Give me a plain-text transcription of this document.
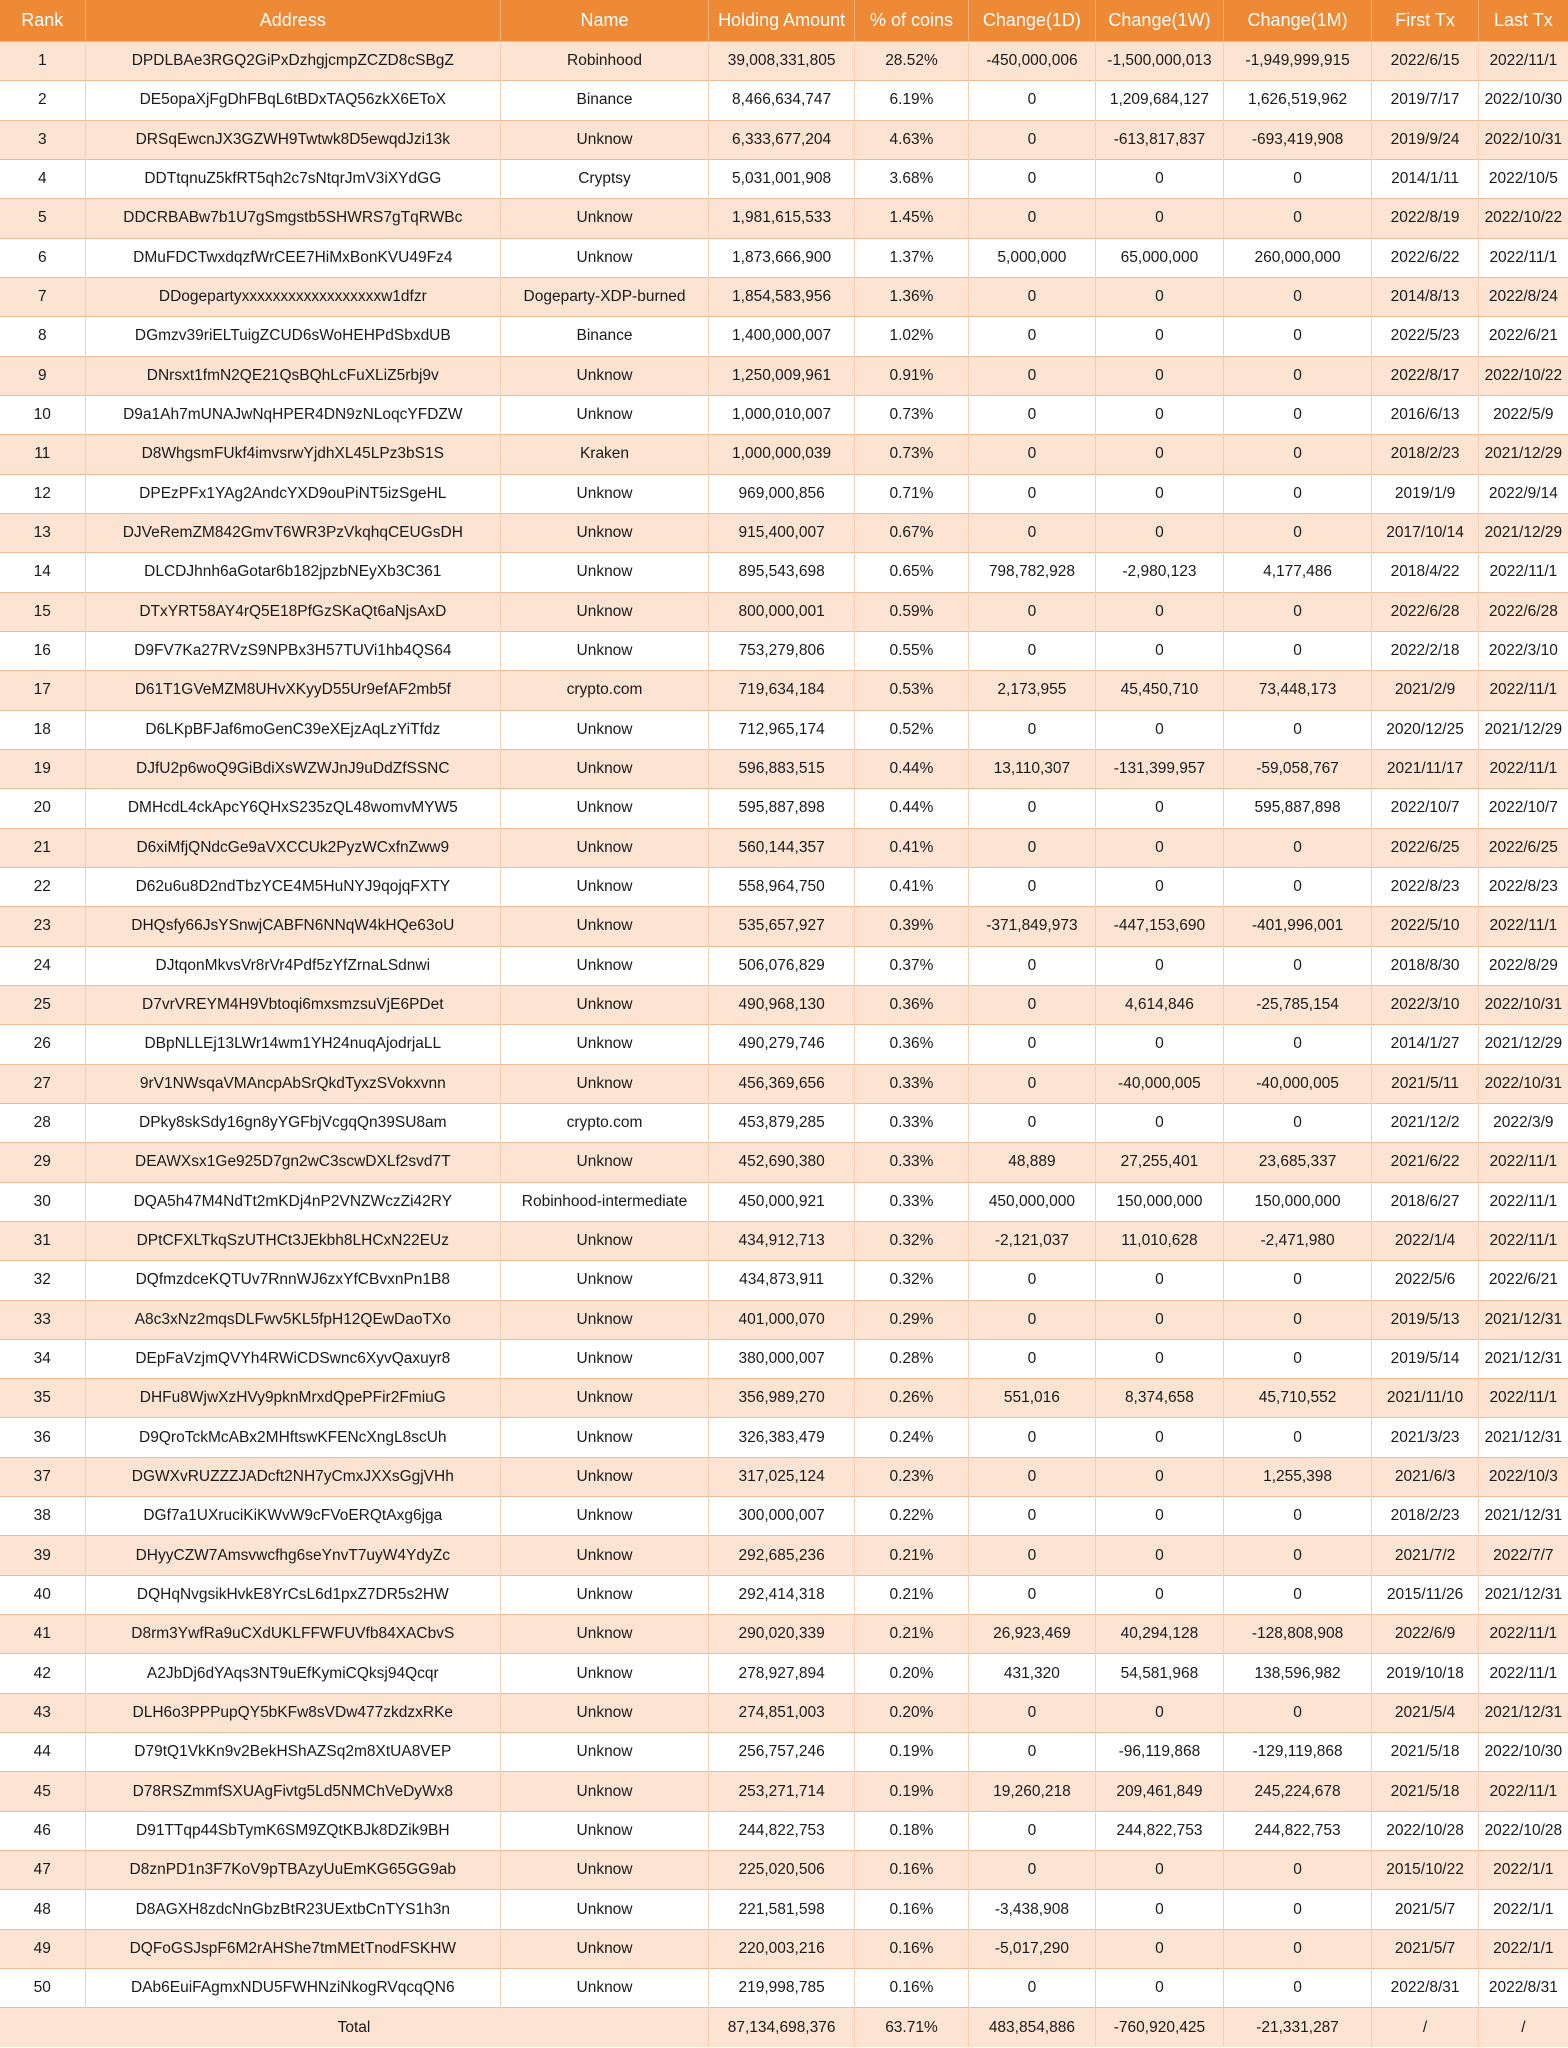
Rank	Address	Name	Holding Amount	% of coins	Change(1D)	Change(1W)	Change(1M)	First Tx	Last Tx
1	DPDLBAe3RGQ2GiPxDzhgjcmpZCZD8cSBgZ	Robinhood	39,008,331,805	28.52%	-450,000,006	-1,500,000,013	-1,949,999,915	2022/6/15	2022/11/1
2	DE5opaXjFgDhFBqL6tBDxTAQ56zkX6EToX	Binance	8,466,634,747	6.19%	0	1,209,684,127	1,626,519,962	2019/7/17	2022/10/30
3	DRSqEwcnJX3GZWH9Twtwk8D5ewqdJzi13k	Unknow	6,333,677,204	4.63%	0	-613,817,837	-693,419,908	2019/9/24	2022/10/31
4	DDTtqnuZ5kfRT5qh2c7sNtqrJmV3iXYdGG	Cryptsy	5,031,001,908	3.68%	0	0	0	2014/1/11	2022/10/5
5	DDCRBABw7b1U7gSmgstb5SHWRS7gTqRWBc	Unknow	1,981,615,533	1.45%	0	0	0	2022/8/19	2022/10/22
6	DMuFDCTwxdqzfWrCEE7HiMxBonKVU49Fz4	Unknow	1,873,666,900	1.37%	5,000,000	65,000,000	260,000,000	2022/6/22	2022/11/1
7	DDogepartyxxxxxxxxxxxxxxxxxxw1dfzr	Dogeparty-XDP-burned	1,854,583,956	1.36%	0	0	0	2014/8/13	2022/8/24
8	DGmzv39riELTuigZCUD6sWoHEHPdSbxdUB	Binance	1,400,000,007	1.02%	0	0	0	2022/5/23	2022/6/21
9	DNrsxt1fmN2QE21QsBQhLcFuXLiZ5rbj9v	Unknow	1,250,009,961	0.91%	0	0	0	2022/8/17	2022/10/22
10	D9a1Ah7mUNAJwNqHPER4DN9zNLoqcYFDZW	Unknow	1,000,010,007	0.73%	0	0	0	2016/6/13	2022/5/9
11	D8WhgsmFUkf4imvsrwYjdhXL45LPz3bS1S	Kraken	1,000,000,039	0.73%	0	0	0	2018/2/23	2021/12/29
12	DPEzPFx1YAg2AndcYXD9ouPiNT5izSgeHL	Unknow	969,000,856	0.71%	0	0	0	2019/1/9	2022/9/14
13	DJVeRemZM842GmvT6WR3PzVkqhqCEUGsDH	Unknow	915,400,007	0.67%	0	0	0	2017/10/14	2021/12/29
14	DLCDJhnh6aGotar6b182jpzbNEyXb3C361	Unknow	895,543,698	0.65%	798,782,928	-2,980,123	4,177,486	2018/4/22	2022/11/1
15	DTxYRT58AY4rQ5E18PfGzSKaQt6aNjsAxD	Unknow	800,000,001	0.59%	0	0	0	2022/6/28	2022/6/28
16	D9FV7Ka27RVzS9NPBx3H57TUVi1hb4QS64	Unknow	753,279,806	0.55%	0	0	0	2022/2/18	2022/3/10
17	D61T1GVeMZM8UHvXKyyD55Ur9efAF2mb5f	crypto.com	719,634,184	0.53%	2,173,955	45,450,710	73,448,173	2021/2/9	2022/11/1
18	D6LKpBFJaf6moGenC39eXEjzAqLzYiTfdz	Unknow	712,965,174	0.52%	0	0	0	2020/12/25	2021/12/29
19	DJfU2p6woQ9GiBdiXsWZWJnJ9uDdZfSSNC	Unknow	596,883,515	0.44%	13,110,307	-131,399,957	-59,058,767	2021/11/17	2022/11/1
20	DMHcdL4ckApcY6QHxS235zQL48womvMYW5	Unknow	595,887,898	0.44%	0	0	595,887,898	2022/10/7	2022/10/7
21	D6xiMfjQNdcGe9aVXCCUk2PyzWCxfnZww9	Unknow	560,144,357	0.41%	0	0	0	2022/6/25	2022/6/25
22	D62u6u8D2ndTbzYCE4M5HuNYJ9qojqFXTY	Unknow	558,964,750	0.41%	0	0	0	2022/8/23	2022/8/23
23	DHQsfy66JsYSnwjCABFN6NNqW4kHQe63oU	Unknow	535,657,927	0.39%	-371,849,973	-447,153,690	-401,996,001	2022/5/10	2022/11/1
24	DJtqonMkvsVr8rVr4Pdf5zYfZrnaLSdnwi	Unknow	506,076,829	0.37%	0	0	0	2018/8/30	2022/8/29
25	D7vrVREYM4H9Vbtoqi6mxsmzsuVjE6PDet	Unknow	490,968,130	0.36%	0	4,614,846	-25,785,154	2022/3/10	2022/10/31
26	DBpNLLEj13LWr14wm1YH24nuqAjodrjaLL	Unknow	490,279,746	0.36%	0	0	0	2014/1/27	2021/12/29
27	9rV1NWsqaVMAncpAbSrQkdTyxzSVokxvnn	Unknow	456,369,656	0.33%	0	-40,000,005	-40,000,005	2021/5/11	2022/10/31
28	DPky8skSdy16gn8yYGFbjVcgqQn39SU8am	crypto.com	453,879,285	0.33%	0	0	0	2021/12/2	2022/3/9
29	DEAWXsx1Ge925D7gn2wC3scwDXLf2svd7T	Unknow	452,690,380	0.33%	48,889	27,255,401	23,685,337	2021/6/22	2022/11/1
30	DQA5h47M4NdTt2mKDj4nP2VNZWczZi42RY	Robinhood-intermediate	450,000,921	0.33%	450,000,000	150,000,000	150,000,000	2018/6/27	2022/11/1
31	DPtCFXLTkqSzUTHCt3JEkbh8LHCxN22EUz	Unknow	434,912,713	0.32%	-2,121,037	11,010,628	-2,471,980	2022/1/4	2022/11/1
32	DQfmzdceKQTUv7RnnWJ6zxYfCBvxnPn1B8	Unknow	434,873,911	0.32%	0	0	0	2022/5/6	2022/6/21
33	A8c3xNz2mqsDLFwv5KL5fpH12QEwDaoTXo	Unknow	401,000,070	0.29%	0	0	0	2019/5/13	2021/12/31
34	DEpFaVzjmQVYh4RWiCDSwnc6XyvQaxuyr8	Unknow	380,000,007	0.28%	0	0	0	2019/5/14	2021/12/31
35	DHFu8WjwXzHVy9pknMrxdQpePFir2FmiuG	Unknow	356,989,270	0.26%	551,016	8,374,658	45,710,552	2021/11/10	2022/11/1
36	D9QroTckMcABx2MHftswKFENcXngL8scUh	Unknow	326,383,479	0.24%	0	0	0	2021/3/23	2021/12/31
37	DGWXvRUZZZJADcft2NH7yCmxJXXsGgjVHh	Unknow	317,025,124	0.23%	0	0	1,255,398	2021/6/3	2022/10/3
38	DGf7a1UXruciKiKWvW9cFVoERQtAxg6jga	Unknow	300,000,007	0.22%	0	0	0	2018/2/23	2021/12/31
39	DHyyCZW7Amsvwcfhg6seYnvT7uyW4YdyZc	Unknow	292,685,236	0.21%	0	0	0	2021/7/2	2022/7/7
40	DQHqNvgsikHvkE8YrCsL6d1pxZ7DR5s2HW	Unknow	292,414,318	0.21%	0	0	0	2015/11/26	2021/12/31
41	D8rm3YwfRa9uCXdUKLFFWFUVfb84XACbvS	Unknow	290,020,339	0.21%	26,923,469	40,294,128	-128,808,908	2022/6/9	2022/11/1
42	A2JbDj6dYAqs3NT9uEfKymiCQksj94Qcqr	Unknow	278,927,894	0.20%	431,320	54,581,968	138,596,982	2019/10/18	2022/11/1
43	DLH6o3PPPupQY5bKFw8sVDw477zkdzxRKe	Unknow	274,851,003	0.20%	0	0	0	2021/5/4	2021/12/31
44	D79tQ1VkKn9v2BekHShAZSq2m8XtUA8VEP	Unknow	256,757,246	0.19%	0	-96,119,868	-129,119,868	2021/5/18	2022/10/30
45	D78RSZmmfSXUAgFivtg5Ld5NMChVeDyWx8	Unknow	253,271,714	0.19%	19,260,218	209,461,849	245,224,678	2021/5/18	2022/11/1
46	D91TTqp44SbTymK6SM9ZQtKBJk8DZik9BH	Unknow	244,822,753	0.18%	0	244,822,753	244,822,753	2022/10/28	2022/10/28
47	D8znPD1n3F7KoV9pTBAzyUuEmKG65GG9ab	Unknow	225,020,506	0.16%	0	0	0	2015/10/22	2022/1/1
48	D8AGXH8zdcNnGbzBtR23UExtbCnTYS1h3n	Unknow	221,581,598	0.16%	-3,438,908	0	0	2021/5/7	2022/1/1
49	DQFoGSJspF6M2rAHShe7tmMEtTnodFSKHW	Unknow	220,003,216	0.16%	-5,017,290	0	0	2021/5/7	2022/1/1
50	DAb6EuiFAgmxNDU5FWHNziNkogRVqcqQN6	Unknow	219,998,785	0.16%	0	0	0	2022/8/31	2022/8/31
Total			87,134,698,376	63.71%	483,854,886	-760,920,425	-21,331,287	/	/
